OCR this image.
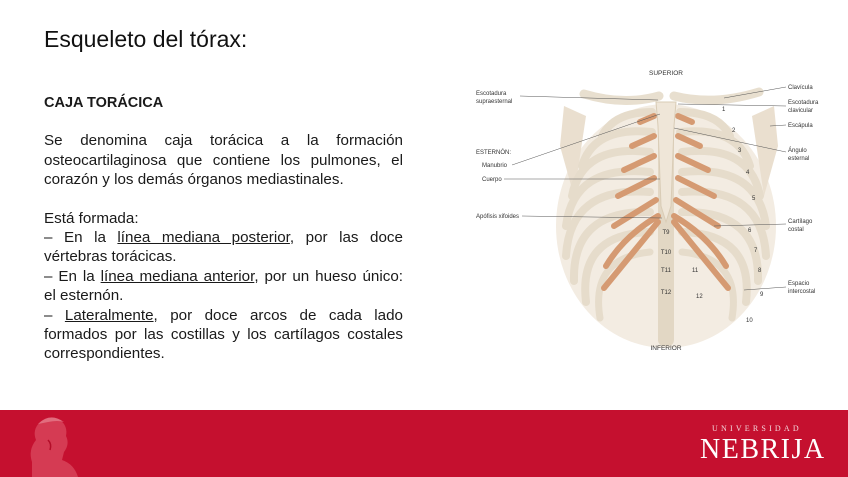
Esqueleto del tórax:
CAJA TORÁCICA

Se denomina caja torácica a la formación osteocartilaginosa que contiene los pulmones, el corazón y los demás órganos mediastinales.

Está formada:

– En la línea mediana posterior, por las doce vértebras torácicas.

– En la línea mediana anterior, por un hueso único: el esternón.

– Lateralmente, por doce arcos de cada lado formados por las costillas y los cartílagos costales correspondientes.

SUPERIOR
INFERIOR
Escotadura
supraesternal
ESTERNÓN:
Manubrio
Cuerpo
Apófisis xifoides
Clavícula
Escotadura
clavicular
Escápula
Ángulo
esternal
Cartílago
costal
Espacio
intercostal
T9
T10
T11
T12
1
2
3
4
5
6
7
8
9
10
11
12
UNIVERSIDAD
NEBRIJA
